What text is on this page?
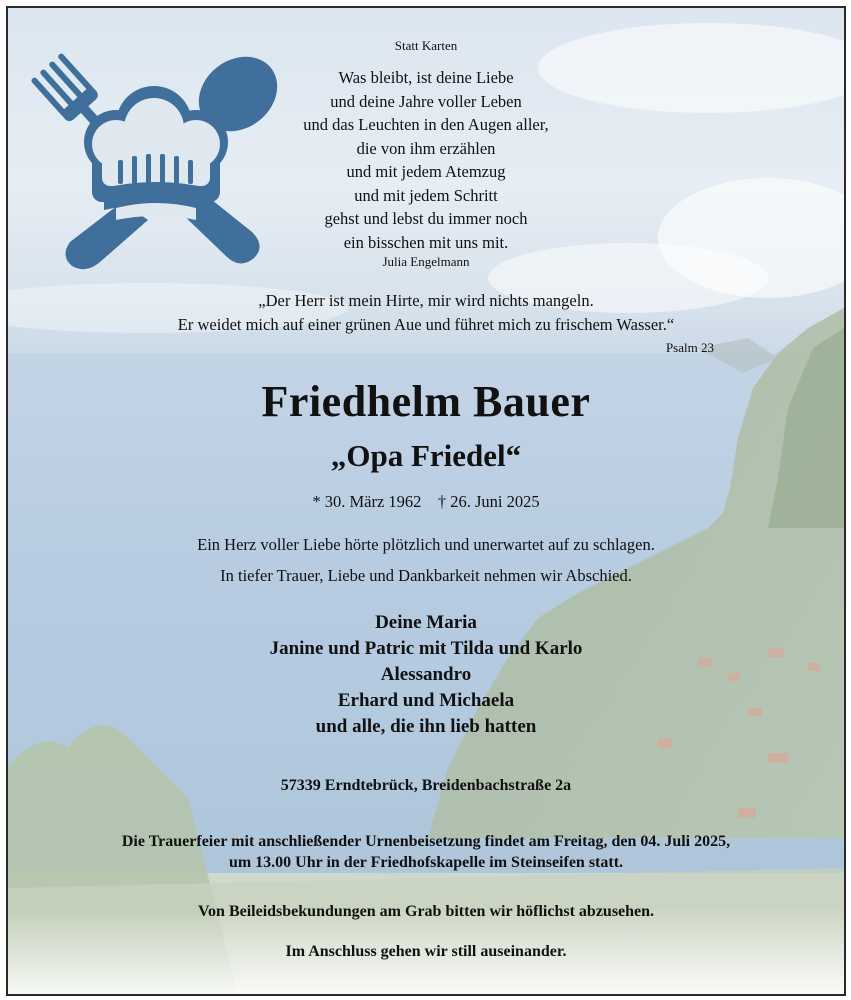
Statt Karten
Was bleibt, ist deine Liebe
und deine Jahre voller Leben
und das Leuchten in den Augen aller,
die von ihm erzählen
und mit jedem Atemzug
und mit jedem Schritt
gehst und lebst du immer noch
ein bisschen mit uns mit.
Julia Engelmann
„Der Herr ist mein Hirte, mir wird nichts mangeln.
Er weidet mich auf einer grünen Aue und führet mich zu frischem Wasser.“
Psalm 23
Friedhelm Bauer
„Opa Friedel“
* 30. März 1962    † 26. Juni 2025
Ein Herz voller Liebe hörte plötzlich und unerwartet auf zu schlagen.
In tiefer Trauer, Liebe und Dankbarkeit nehmen wir Abschied.
Deine Maria
Janine und Patric mit Tilda und Karlo
Alessandro
Erhard und Michaela
und alle, die ihn lieb hatten
57339 Erndtebrück, Breidenbachstraße 2a
Die Trauerfeier mit anschließender Urnenbeisetzung findet am Freitag, den 04. Juli 2025,
um 13.00 Uhr in der Friedhofskapelle im Steinseifen statt.
Von Beileidsbekundungen am Grab bitten wir höflichst abzusehen.
Im Anschluss gehen wir still auseinander.
